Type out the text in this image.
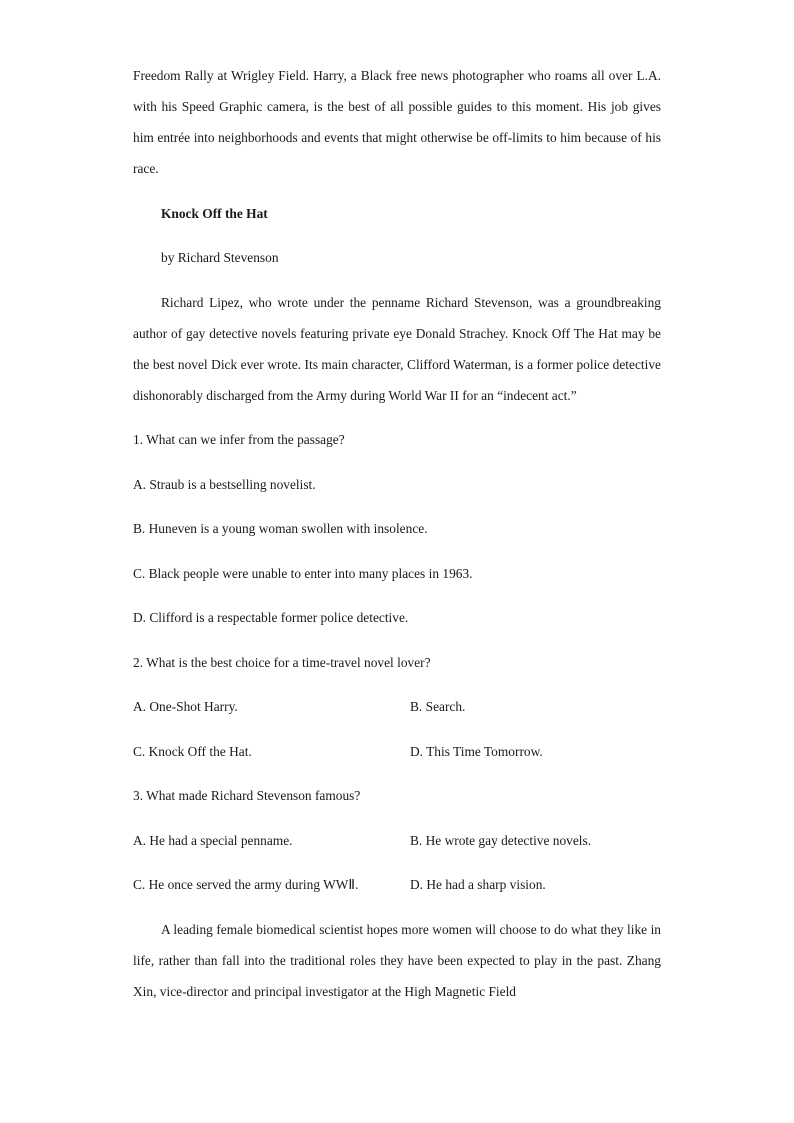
Freedom Rally at Wrigley Field. Harry, a Black free news photographer who roams all over L.A. with his Speed Graphic camera, is the best of all possible guides to this moment. His job gives him entrée into neighborhoods and events that might otherwise be off-limits to him because of his race.

Knock Off the Hat

by Richard Stevenson

Richard Lipez, who wrote under the penname Richard Stevenson, was a groundbreaking author of gay detective novels featuring private eye Donald Strachey. Knock Off The Hat may be the best novel Dick ever wrote. Its main character, Clifford Waterman, is a former police detective dishonorably discharged from the Army during World War II for an “indecent act.”

1. What can we infer from the passage?

A. Straub is a bestselling novelist.

B. Huneven is a young woman swollen with insolence.

C. Black people were unable to enter into many places in 1963.

D. Clifford is a respectable former police detective.

2. What is the best choice for a time-travel novel lover?

A. One-Shot Harry.	B. Search.
C. Knock Off the Hat.	D. This Time Tomorrow.

3. What made Richard Stevenson famous?

A. He had a special penname.	B. He wrote gay detective novels.
C. He once served the army during WWⅡ.	D. He had a sharp vision.

A leading female biomedical scientist hopes more women will choose to do what they like in life, rather than fall into the traditional roles they have been expected to play in the past. Zhang Xin, vice-director and principal investigator at the High Magnetic Field
